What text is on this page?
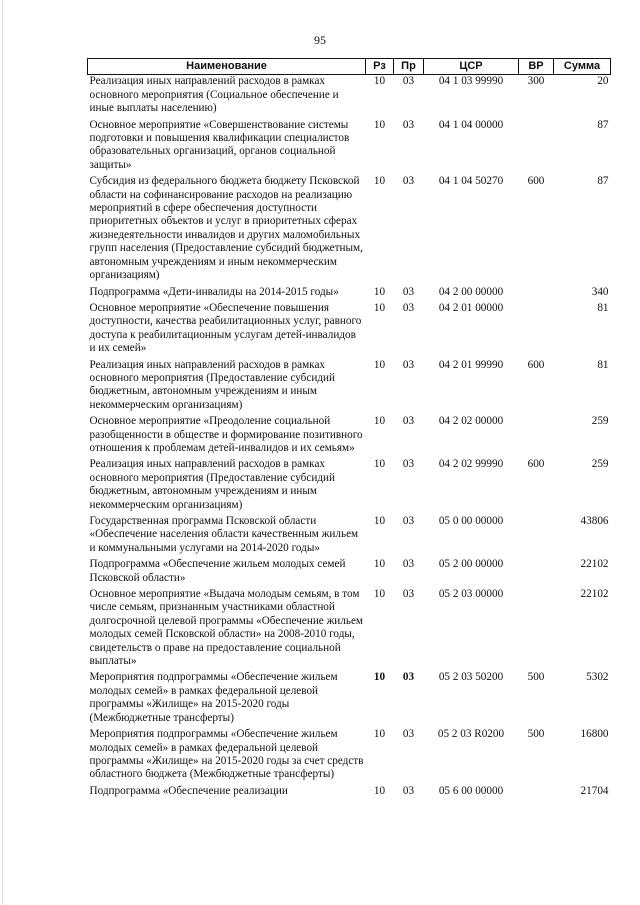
95
Наименование	Рз	Пр	ЦСР	ВР	Сумма
Реализация иных направлений расходов в рамках основного мероприятия (Социальное обеспечение и иные выплаты населению)	10	03	04 1 03 99990	300	20
Основное мероприятие «Совершенствование системы подготовки и повышения квалификации специалистов образовательных организаций, органов социальной защиты»	10	03	04 1 04 00000		87
Субсидия из федерального бюджета бюджету Псковской области на софинансирование расходов на реализацию мероприятий в сфере обеспечения доступности приоритетных объектов и услуг в приоритетных сферах жизнедеятельности инвалидов и других маломобильных групп населения (Предоставление субсидий бюджетным, автономным учреждениям и иным некоммерческим организациям)	10	03	04 1 04 50270	600	87
Подпрограмма «Дети-инвалиды на 2014-2015 годы»	10	03	04 2 00 00000		340
Основное мероприятие «Обеспечение повышения доступности, качества реабилитационных услуг, равного доступа к реабилитационным услугам детей-инвалидов и их семей»	10	03	04 2 01 00000		81
Реализация иных направлений расходов в рамках основного мероприятия (Предоставление субсидий бюджетным, автономным учреждениям и иным некоммерческим организациям)	10	03	04 2 01 99990	600	81
Основное мероприятие «Преодоление социальной разобщенности в обществе и формирование позитивного отношения к проблемам детей-инвалидов и их семьям»	10	03	04 2 02 00000		259
Реализация иных направлений расходов в рамках основного мероприятия (Предоставление субсидий бюджетным, автономным учреждениям и иным некоммерческим организациям)	10	03	04 2 02 99990	600	259
Государственная программа Псковской области «Обеспечение населения области качественным жильем и коммунальными услугами на 2014-2020 годы»	10	03	05 0 00 00000		43806
Подпрограмма «Обеспечение жильем молодых семей Псковской области»	10	03	05 2 00 00000		22102
Основное мероприятие «Выдача молодым семьям, в том числе семьям, признанным участниками областной долгосрочной целевой программы «Обеспечение жильем молодых семей Псковской области» на 2008-2010 годы, свидетельств о праве на предоставление социальной выплаты»	10	03	05 2 03 00000		22102
Мероприятия подпрограммы «Обеспечение жильем молодых семей» в рамках федеральной целевой программы «Жилище» на 2015-2020 годы (Межбюджетные трансферты)	10	03	05 2 03 50200	500	5302
Мероприятия подпрограммы «Обеспечение жильем молодых семей» в рамках федеральной целевой программы «Жилище» на 2015-2020 годы за счет средств областного бюджета (Межбюджетные трансферты)	10	03	05 2 03 R0200	500	16800
Подпрограмма «Обеспечение реализации	10	03	05 6 00 00000		21704
